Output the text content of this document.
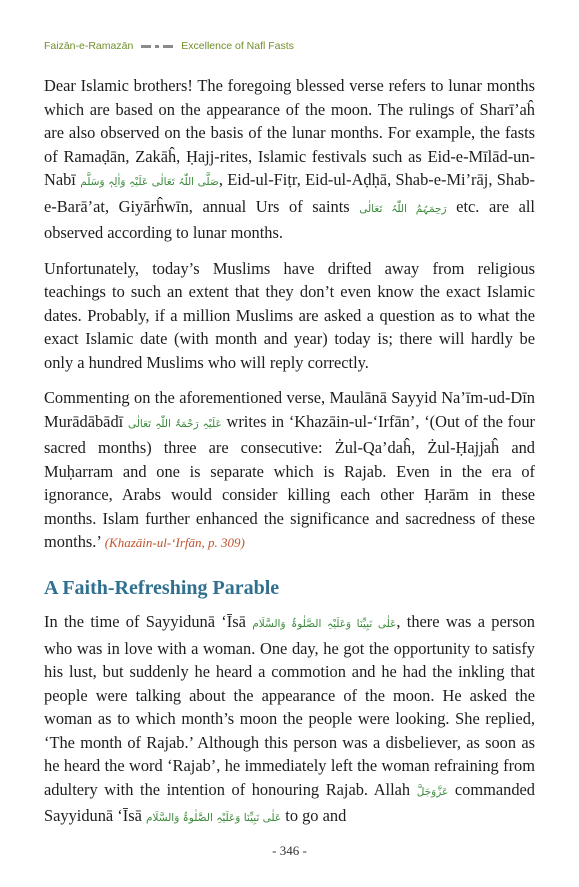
Faizān-e-Ramazān	Excellence of Nafl Fasts

Dear Islamic brothers! The foregoing blessed verse refers to lunar months which are based on the appearance of the moon. The rulings of Sharī’aĥ are also observed on the basis of the lunar months. For example, the fasts of Ramaḍān, Zakāĥ, Ḥajj-rites, Islamic festivals such as Eid-e-Mīlād-un-Nabī صَلَّی اللّٰہُ تَعَالٰی عَلَیْہِ وَاٰلِہٖ وَسَلَّم, Eid-ul-Fiṭr, Eid-ul-Aḍḥā, Shab-e-Mi’rāj, Shab-e-Barā’at, Giyārĥwīn, annual Urs of saints رَحِمَہُمُ اللّٰہُ تَعَالٰی etc. are all observed according to lunar months.

Unfortunately, today’s Muslims have drifted away from religious teachings to such an extent that they don’t even know the exact Islamic dates. Probably, if a million Muslims are asked a question as to what the exact Islamic date (with month and year) today is; there will hardly be only a hundred Muslims who will reply correctly.

Commenting on the aforementioned verse, Maulānā Sayyid Na’īm-ud-Dīn Murādābādī عَلَیْہِ رَحْمَۃُ اللّٰہِ تَعَالٰی writes in ‘Khazāin-ul-‘Irfān’, ‘(Out of the four sacred months) three are consecutive: Żul-Qa’daĥ, Żul-Ḥajjaĥ and Muḥarram and one is separate which is Rajab. Even in the era of ignorance, Arabs would consider killing each other Ḥarām in these months. Islam further enhanced the significance and sacredness of these months.’ (Khazāin-ul-‘Irfān, p. 309)

A Faith-Refreshing Parable

In the time of Sayyidunā ‘Īsā عَلٰی نَبِیِّنَا وَعَلَیْہِ الصَّلٰوۃُ وَالسَّلَام, there was a person who was in love with a woman. One day, he got the opportunity to satisfy his lust, but suddenly he heard a commotion and he had the inkling that people were talking about the appearance of the moon. He asked the woman as to which month’s moon the people were looking. She replied, ‘The month of Rajab.’ Although this person was a disbeliever, as soon as he heard the word ‘Rajab’, he immediately left the woman refraining from adultery with the intention of honouring Rajab. Allah عَزَّوَجَلَّ commanded Sayyidunā ‘Īsā عَلٰی نَبِیِّنَا وَعَلَیْہِ الصَّلٰوۃُ وَالسَّلَام to go and

- 346 -
